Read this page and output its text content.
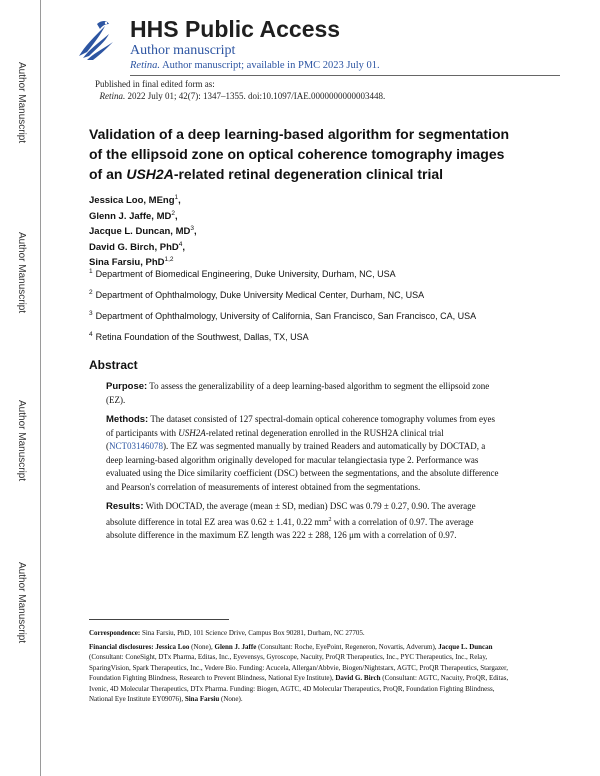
Author Manuscript
Author Manuscript
Author Manuscript
Author Manuscript
HHS Public Access
Author manuscript
Retina. Author manuscript; available in PMC 2023 July 01.
Published in final edited form as:
Retina. 2022 July 01; 42(7): 1347–1355. doi:10.1097/IAE.0000000000003448.
Validation of a deep learning-based algorithm for segmentation of the ellipsoid zone on optical coherence tomography images of an USH2A-related retinal degeneration clinical trial
Jessica Loo, MEng$^1$,
Glenn J. Jaffe, $MD^2$,
Jacque L. Duncan, $MD^3$,
David G. Birch, PhD$^4$,
Sina Farsiu, PhD$^{1,2}$
$^1$ Department of Biomedical Engineering, Duke University, Durham, NC, USA
$^2$ Department of Ophthalmology, Duke University Medical Center, Durham, NC, USA
$^3$ Department of Ophthalmology, University of California, San Francisco, San Francisco, CA, USA
$^4$ Retina Foundation of the Southwest, Dallas, TX, USA
Abstract

Purpose: To assess the generalizability of a deep learning-based algorithm to segment the ellipsoid zone (EZ).

Methods: The dataset consisted of 127 spectral-domain optical coherence tomography volumes from eyes of participants with USH2A-related retinal degeneration enrolled in the RUSH2A clinical trial (NCT03146078). The EZ was segmented manually by trained Readers and automatically by DOCTAD, a deep learning-based algorithm originally developed for macular telangiectasia type 2. Performance was evaluated using the Dice similarity coefficient (DSC) between the segmentations, and the absolute difference and Pearson's correlation of measurements of interest obtained from the segmentations.

Results: With DOCTAD, the average (mean ± SD, median) DSC was 0.79 ± 0.27, 0.90. The average absolute difference in total EZ area was 0.62 ± 1.41, 0.22 $mm^2$ with a correlation of 0.97. The average absolute difference in the maximum EZ length was 222 ± 288, 126 μm with a correlation of 0.97.

Correspondence: Sina Farsiu, PhD, 101 Science Drive, Campus Box 90281, Durham, NC 27705.

Financial disclosures: Jessica Loo (None), Glenn J. Jaffe (Consultant: Roche, EyePoint, Regeneron, Novartis, Adverum), Jacque L. Duncan (Consultant: ConeSight, DTx Pharma, Editas, Inc., Eyevensys, Gyroscope, Nacuity, ProQR Therapeutics, Inc., PYC Therapeutics, Inc., Relay, SparingVision, Spark Therapeutics, Inc., Vedere Bio. Funding: Acucela, Allergan/Abbvie, Biogen/Nightstarx, AGTC, ProQR Therapeutics, Stargazer, Foundation Fighting Blindness, Research to Prevent Blindness, National Eye Institute), David G. Birch (Consultant: AGTC, Nacuity, ProQR, Editas, Ivenic, 4D Molecular Therapeutics, DTx Pharma. Funding: Biogen, AGTC, 4D Molecular Therapeutics, ProQR, Foundation Fighting Blindness, National Eye Institute EY09076), Sina Farsiu (None).
